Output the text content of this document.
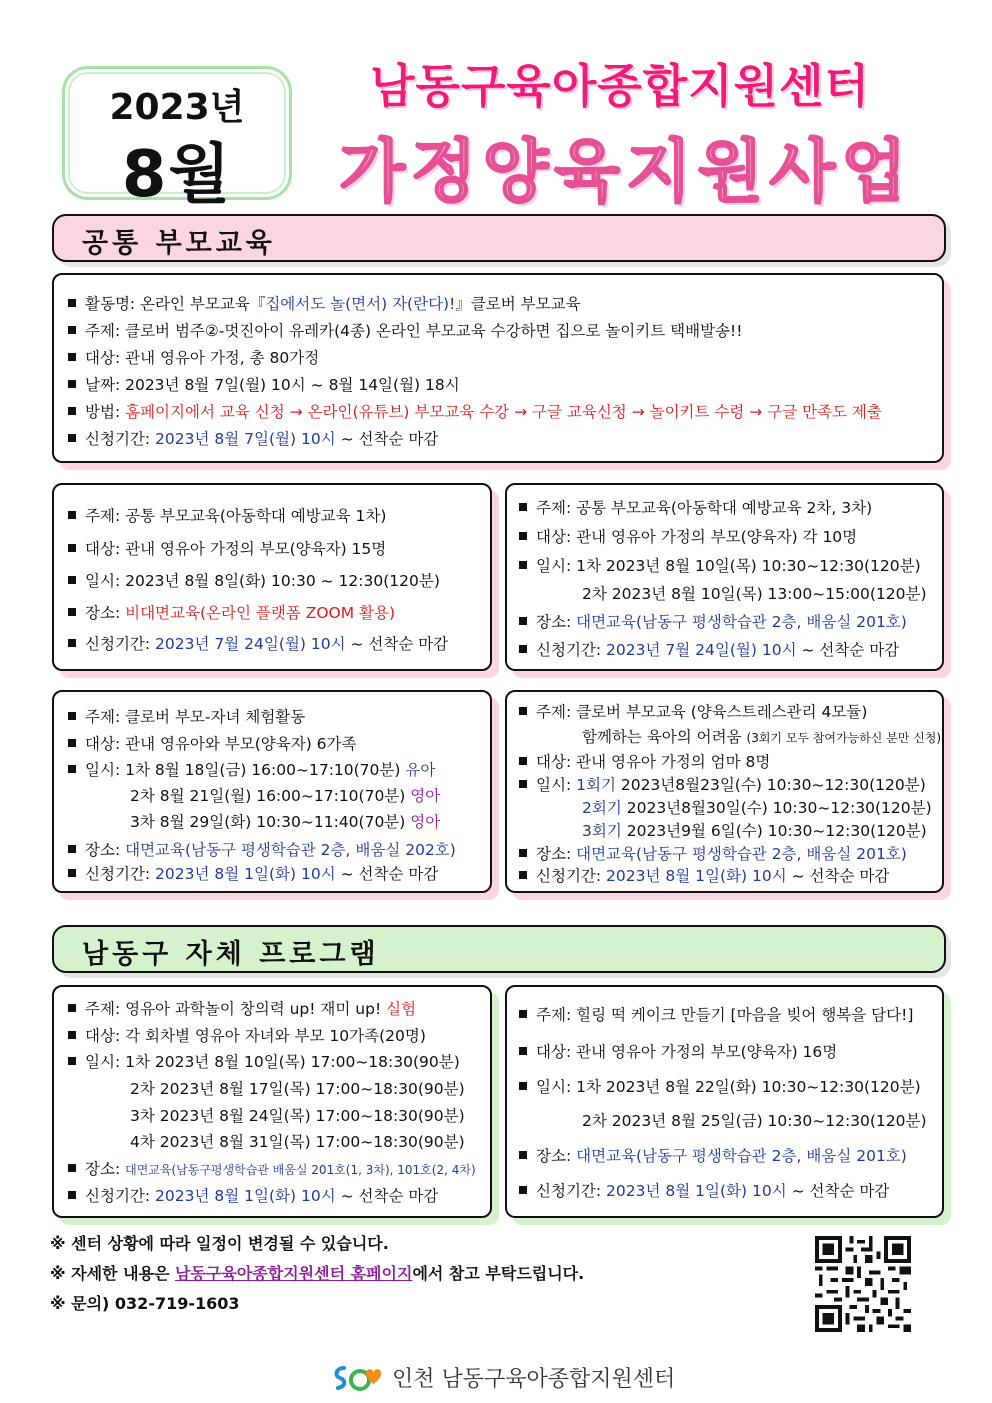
2023년
8월
남동구육아종합지원센터
가정양육지원사업
공통 부모교육
활동명: 온라인 부모교육『집에서도 놀(면서) 자(란다)!』클로버 부모교육
주제: 클로버 범주②-멋진아이 유레카(4종) 온라인 부모교육 수강하면 집으로 놀이키트 택배발송!!
대상: 관내 영유아 가정, 총 80가정
날짜: 2023년 8월 7일(월) 10시 ~ 8월 14일(월) 18시
방법: 홈페이지에서 교육 신청 → 온라인(유튜브) 부모교육 수강 → 구글 교육신청 → 놀이키트 수령 → 구글 만족도 제출
신청기간: 2023년 8월 7일(월) 10시 ~ 선착순 마감
주제: 공통 부모교육(아동학대 예방교육 1차)
대상: 관내 영유아 가정의 부모(양육자) 15명
일시: 2023년 8월 8일(화) 10:30 ~ 12:30(120분)
장소: 비대면교육(온라인 플랫폼 ZOOM 활용)
신청기간: 2023년 7월 24일(월) 10시 ~ 선착순 마감
주제: 공통 부모교육(아동학대 예방교육 2차, 3차)
대상: 관내 영유아 가정의 부모(양육자) 각 10명
일시: 1차 2023년 8월 10일(목) 10:30~12:30(120분)
2차 2023년 8월 10일(목) 13:00~15:00(120분)
장소: 대면교육(남동구 평생학습관 2층, 배움실 201호)
신청기간: 2023년 7월 24일(월) 10시 ~ 선착순 마감
주제: 클로버 부모-자녀 체험활동
대상: 관내 영유아와 부모(양육자) 6가족
일시: 1차 8월 18일(금) 16:00~17:10(70분) 유아
2차 8월 21일(월) 16:00~17:10(70분) 영아
3차 8월 29일(화) 10:30~11:40(70분) 영아
장소: 대면교육(남동구 평생학습관 2층, 배움실 202호)
신청기간: 2023년 8월 1일(화) 10시 ~ 선착순 마감
주제: 클로버 부모교육 (양육스트레스관리 4모듈)
함께하는 육아의 어려움 (3회기 모두 참여가능하신 분만 신청)
대상: 관내 영유아 가정의 엄마 8명
일시: 1회기 2023년8월23일(수) 10:30~12:30(120분)
2회기 2023년8월30일(수) 10:30~12:30(120분)
3회기 2023년9월 6일(수) 10:30~12:30(120분)
장소: 대면교육(남동구 평생학습관 2층, 배움실 201호)
신청기간: 2023년 8월 1일(화) 10시 ~ 선착순 마감
남동구 자체 프로그램
주제: 영유아 과학놀이 창의력 up! 재미 up! 실험
대상: 각 회차별 영유아 자녀와 부모 10가족(20명)
일시: 1차 2023년 8월 10일(목) 17:00~18:30(90분)
2차 2023년 8월 17일(목) 17:00~18:30(90분)
3차 2023년 8월 24일(목) 17:00~18:30(90분)
4차 2023년 8월 31일(목) 17:00~18:30(90분)
장소: 대면교육(남동구평생학습관 배움실 201호(1, 3차), 101호(2, 4차)
신청기간: 2023년 8월 1일(화) 10시 ~ 선착순 마감
주제: 힐링 떡 케이크 만들기 [마음을 빚어 행복을 담다!]
대상: 관내 영유아 가정의 부모(양육자) 16명
일시: 1차 2023년 8월 22일(화) 10:30~12:30(120분)
2차 2023년 8월 25일(금) 10:30~12:30(120분)
장소: 대면교육(남동구 평생학습관 2층, 배움실 201호)
신청기간: 2023년 8월 1일(화) 10시 ~ 선착순 마감
※ 센터 상황에 따라 일정이 변경될 수 있습니다.
※ 자세한 내용은 남동구육아종합지원센터 홈페이지에서 참고 부탁드립니다.
※ 문의) 032-719-1603
인천 남동구육아종합지원센터
